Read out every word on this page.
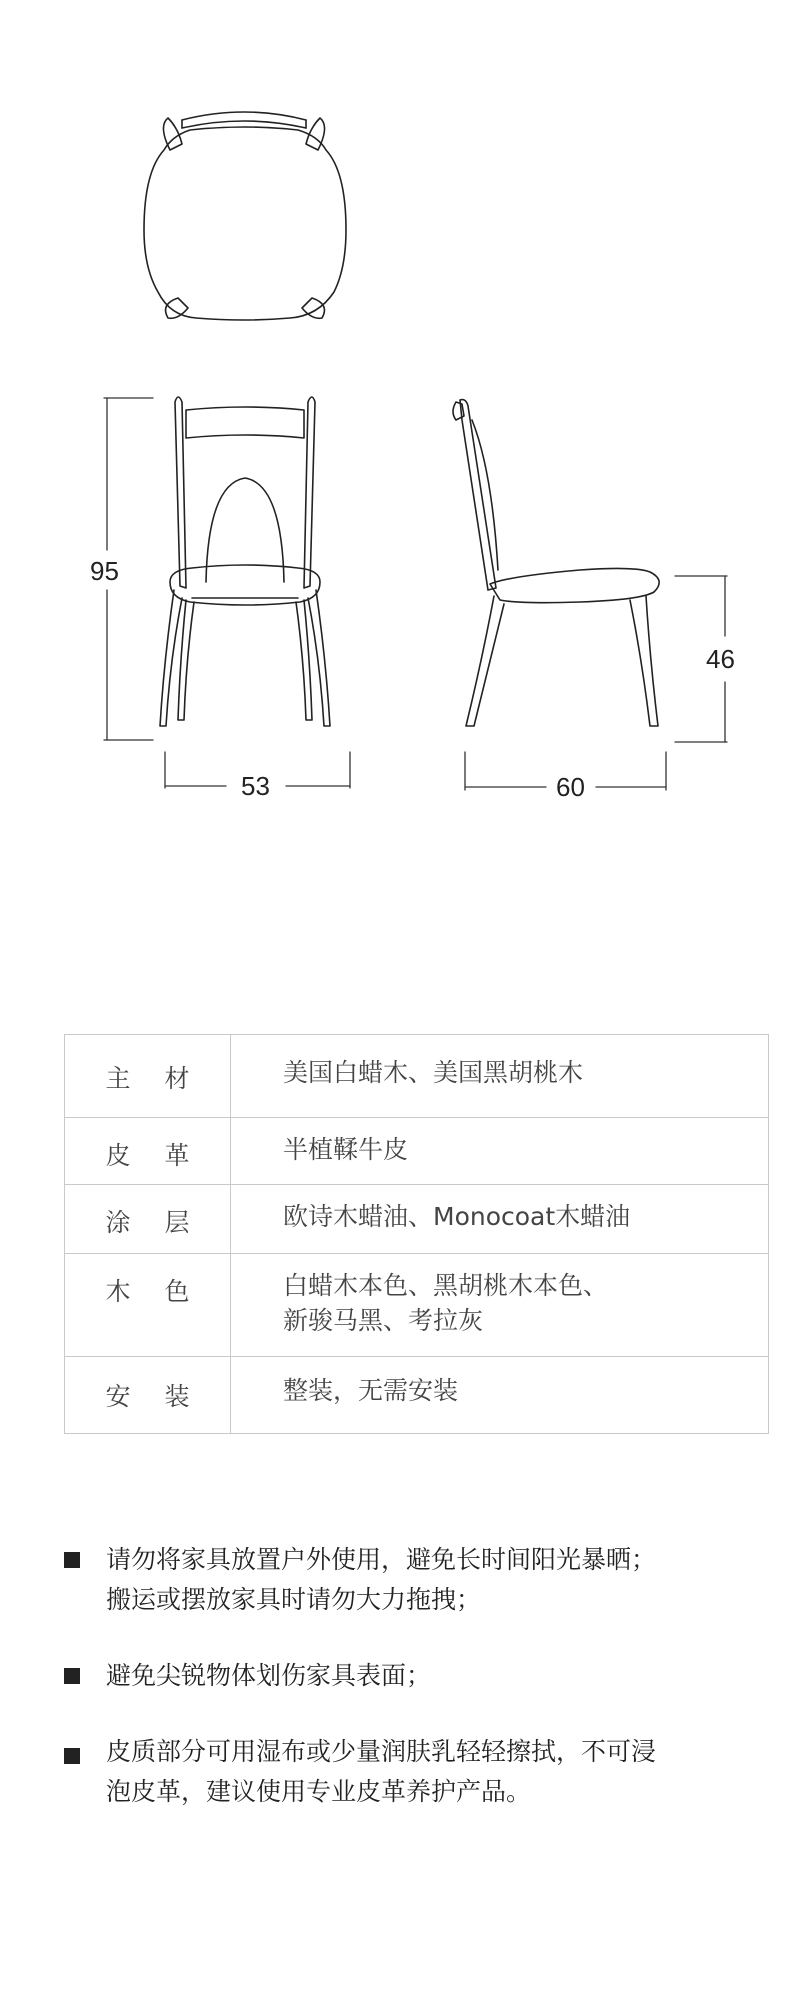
95
53	60
46
主 材	美国白蜡木、美国黑胡桃木
皮 革	半植鞣牛皮
涂 层	欧诗木蜡油、Monocoat木蜡油
木 色	白蜡木本色、黑胡桃木本色、
新骏马黑、考拉灰
安 装	整装，无需安装
请勿将家具放置户外使用，避免长时间阳光暴晒；
搬运或摆放家具时请勿大力拖拽；
避免尖锐物体划伤家具表面；
皮质部分可用湿布或少量润肤乳轻轻擦拭，不可浸
泡皮革，建议使用专业皮革养护产品。
